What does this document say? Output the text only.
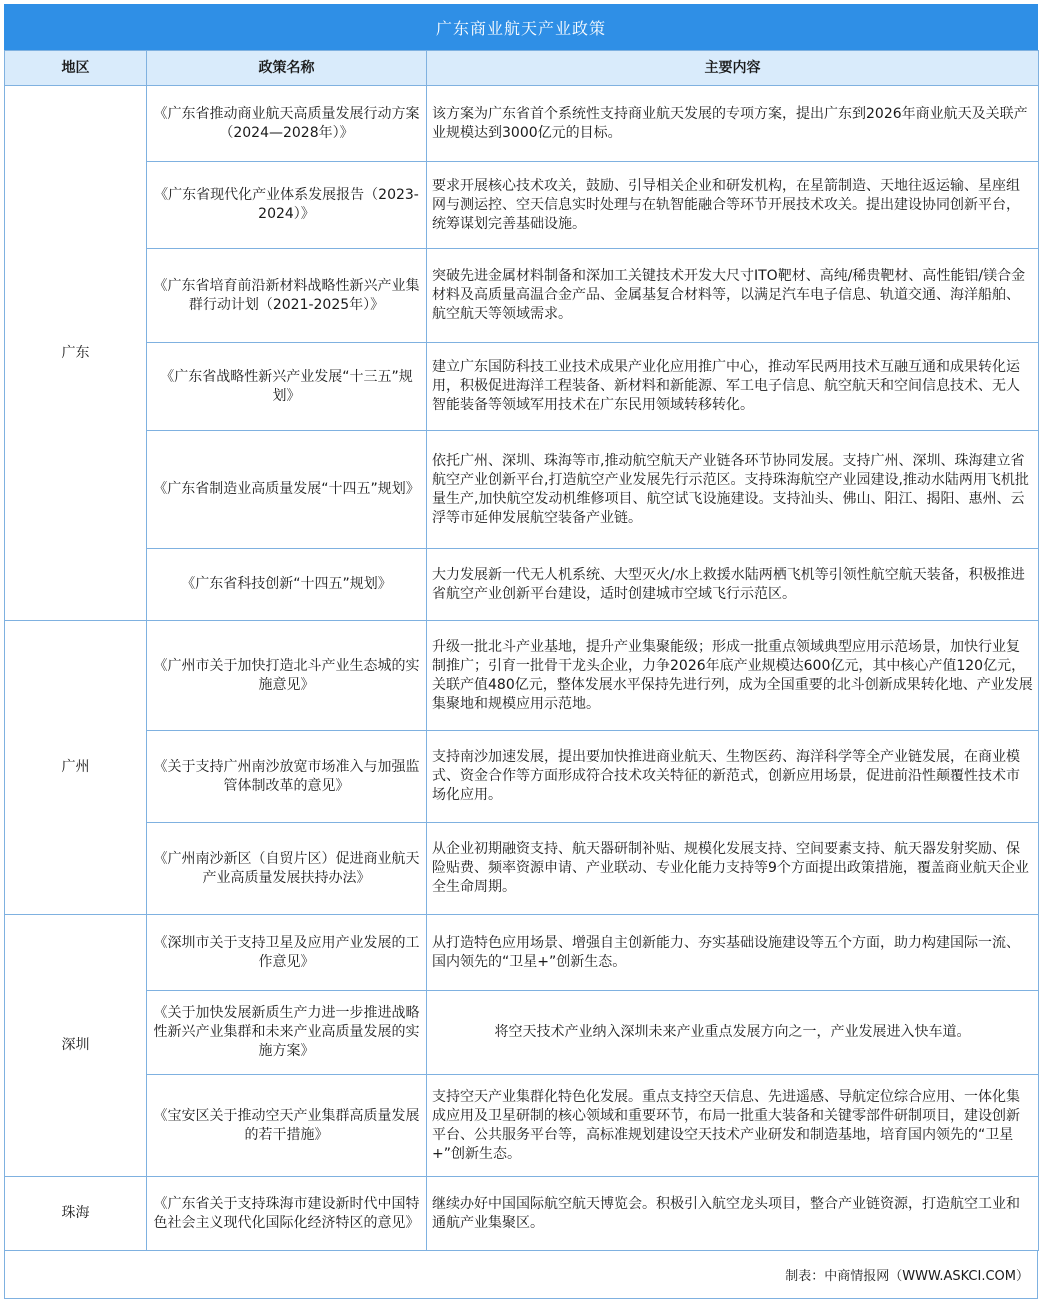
广东商业航天产业政策
地区	政策名称	主要内容
广东	《广东省推动商业航天高质量发展行动方案（2024—2028年）》	该方案为广东省首个系统性支持商业航天发展的专项方案，提出广东到2026年商业航天及关联产业规模达到3000亿元的目标。
	《广东省现代化产业体系发展报告（2023-2024）》	要求开展核心技术攻关，鼓励、引导相关企业和研发机构，在星箭制造、天地往返运输、星座组网与测运控、空天信息实时处理与在轨智能融合等环节开展技术攻关。提出建设协同创新平台，统筹谋划完善基础设施。
	《广东省培育前沿新材料战略性新兴产业集群行动计划（2021-2025年）》	突破先进金属材料制备和深加工关键技术开发大尺寸ITO靶材、高纯/稀贵靶材、高性能铝/镁合金材料及高质量高温合金产品、金属基复合材料等，以满足汽车电子信息、轨道交通、海洋船舶、航空航天等领域需求。
	《广东省战略性新兴产业发展“十三五”规划》	建立广东国防科技工业技术成果产业化应用推广中心，推动军民两用技术互融互通和成果转化运用，积极促进海洋工程装备、新材料和新能源、军工电子信息、航空航天和空间信息技术、无人智能装备等领域军用技术在广东民用领域转移转化。
	《广东省制造业高质量发展“十四五”规划》	依托广州、深圳、珠海等市,推动航空航天产业链各环节协同发展。支持广州、深圳、珠海建立省航空产业创新平台,打造航空产业发展先行示范区。支持珠海航空产业园建设,推动水陆两用飞机批量生产,加快航空发动机维修项目、航空试飞设施建设。支持汕头、佛山、阳江、揭阳、惠州、云浮等市延伸发展航空装备产业链。
	《广东省科技创新“十四五”规划》	大力发展新一代无人机系统、大型灭火/水上救援水陆两栖飞机等引领性航空航天装备，积极推进省航空产业创新平台建设，适时创建城市空域飞行示范区。
广州	《广州市关于加快打造北斗产业生态城的实施意见》	升级一批北斗产业基地，提升产业集聚能级；形成一批重点领域典型应用示范场景，加快行业复制推广；引育一批骨干龙头企业，力争2026年底产业规模达600亿元，其中核心产值120亿元，关联产值480亿元，整体发展水平保持先进行列，成为全国重要的北斗创新成果转化地、产业发展集聚地和规模应用示范地。
	《关于支持广州南沙放宽市场准入与加强监管体制改革的意见》	支持南沙加速发展，提出要加快推进商业航天、生物医药、海洋科学等全产业链发展，在商业模式、资金合作等方面形成符合技术攻关特征的新范式，创新应用场景，促进前沿性颠覆性技术市场化应用。
	《广州南沙新区（自贸片区）促进商业航天产业高质量发展扶持办法》	从企业初期融资支持、航天器研制补贴、规模化发展支持、空间要素支持、航天器发射奖励、保险贴费、频率资源申请、产业联动、专业化能力支持等9个方面提出政策措施，覆盖商业航天企业全生命周期。
深圳	《深圳市关于支持卫星及应用产业发展的工作意见》	从打造特色应用场景、增强自主创新能力、夯实基础设施建设等五个方面，助力构建国际一流、国内领先的“卫星+”创新生态。
	《关于加快发展新质生产力进一步推进战略性新兴产业集群和未来产业高质量发展的实施方案》	将空天技术产业纳入深圳未来产业重点发展方向之一，产业发展进入快车道。
	《宝安区关于推动空天产业集群高质量发展的若干措施》	支持空天产业集群化特色化发展。重点支持空天信息、先进遥感、导航定位综合应用、一体化集成应用及卫星研制的核心领域和重要环节，布局一批重大装备和关键零部件研制项目，建设创新平台、公共服务平台等，高标准规划建设空天技术产业研发和制造基地，培育国内领先的“卫星+”创新生态。
珠海	《广东省关于支持珠海市建设新时代中国特色社会主义现代化国际化经济特区的意见》	继续办好中国国际航空航天博览会。积极引入航空龙头项目，整合产业链资源，打造航空工业和通航产业集聚区。
制表：中商情报网（WWW.ASKCI.COM）
